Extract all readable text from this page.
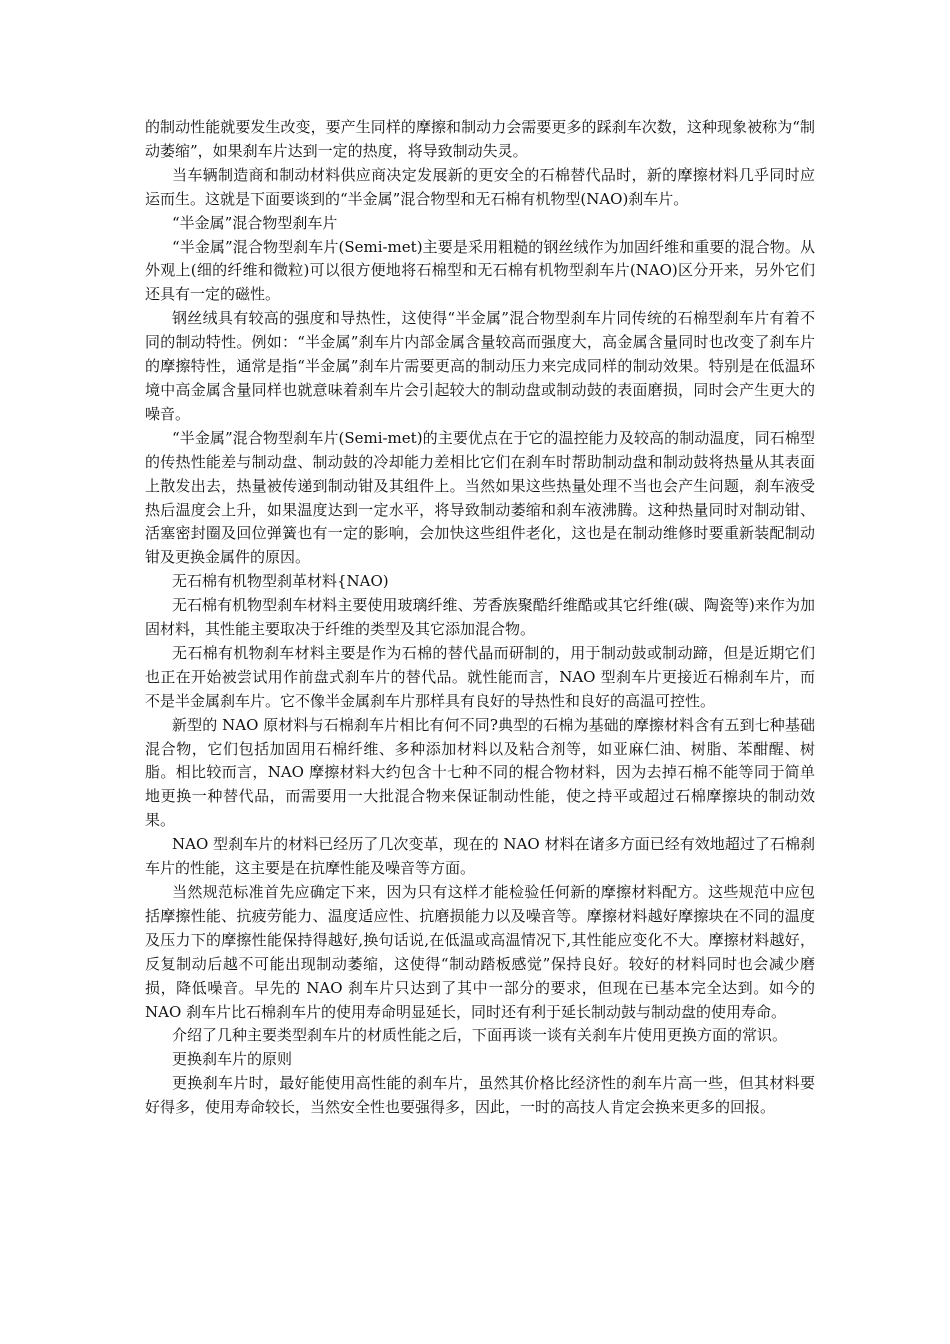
的制动性能就要发生改变，要产生同样的摩擦和制动力会需要更多的踩刹车次数，这种现象被称为“制动萎缩”，如果刹车片达到一定的热度，将导致制动失灵。

当车辆制造商和制动材料供应商决定发展新的更安全的石棉替代品时，新的摩擦材料几乎同时应运而生。这就是下面要谈到的“半金属”混合物型和无石棉有机物型(NAO)刹车片。

“半金属”混合物型刹车片

“半金属”混合物型刹车片(Semi-met)主要是采用粗糙的钢丝绒作为加固纤维和重要的混合物。从外观上(细的纤维和微粒)可以很方便地将石棉型和无石棉有机物型刹车片(NAO)区分开来，另外它们还具有一定的磁性。

钢丝绒具有较高的强度和导热性，这使得“半金属”混合物型刹车片同传统的石棉型刹车片有着不同的制动特性。例如：“半金属”刹车片内部金属含量较高而强度大，高金属含量同时也改变了刹车片的摩擦特性，通常是指“半金属”刹车片需要更高的制动压力来完成同样的制动效果。特别是在低温环境中高金属含量同样也就意味着刹车片会引起较大的制动盘或制动鼓的表面磨损，同时会产生更大的噪音。

“半金属”混合物型刹车片(Semi-met)的主要优点在于它的温控能力及较高的制动温度，同石棉型的传热性能差与制动盘、制动鼓的冷却能力差相比它们在刹车时帮助制动盘和制动鼓将热量从其表面上散发出去，热量被传递到制动钳及其组件上。当然如果这些热量处理不当也会产生问题，刹车液受热后温度会上升，如果温度达到一定水平，将导致制动萎缩和刹车液沸腾。这种热量同时对制动钳、活塞密封圈及回位弹簧也有一定的影响，会加快这些组件老化，这也是在制动维修时要重新装配制动钳及更换金属件的原因。

无石棉有机物型刹革材料{NAO)

无石棉有机物型刹车材料主要使用玻璃纤维、芳香族聚酷纤维酷或其它纤维(碳、陶瓷等)来作为加固材料，其性能主要取决于纤维的类型及其它添加混合物。

无石棉有机物刹车材料主要是作为石棉的替代晶而研制的，用于制动鼓或制动蹄，但是近期它们也正在开始被尝试用作前盘式刹车片的替代品。就性能而言，NAO 型刹车片更接近石棉刹车片，而不是半金属刹车片。它不像半金属刹车片那样具有良好的导热性和良好的高温可控性。

新型的 NAO 原材料与石棉刹车片相比有何不同?典型的石棉为基础的摩擦材料含有五到七种基础混合物，它们包括加固用石棉纤维、多种添加材料以及粘合剂等，如亚麻仁油、树脂、苯酣醒、树脂。相比较而言，NAO 摩擦材料大约包含十七种不同的棍合物材料，因为去掉石棉不能等同于简单地更换一种替代品，而需要用一大批混合物来保证制动性能，使之持平或超过石棉摩擦块的制动效果。

NAO 型刹车片的材料已经历了几次变革，现在的 NAO 材料在诸多方面已经有效地超过了石棉刹车片的性能，这主要是在抗摩性能及噪音等方面。

当然规范标准首先应确定下来，因为只有这样才能检验任何新的摩擦材料配方。这些规范中应包括摩擦性能、抗疲劳能力、温度适应性、抗磨损能力以及噪音等。摩擦材料越好摩擦块在不同的温度及压力下的摩擦性能保持得越好,换句话说,在低温或高温情况下,其性能应变化不大。摩擦材料越好，反复制动后越不可能出现制动萎缩，这使得“制动踏板感觉”保持良好。较好的材料同时也会减少磨损，降低噪音。早先的 NAO 刹车片只达到了其中一部分的要求，但现在已基本完全达到。如今的 NAO 刹车片比石棉刹车片的使用寿命明显延长，同时还有利于延长制动鼓与制动盘的使用寿命。

介绍了几种主要类型刹车片的材质性能之后，下面再谈一谈有关刹车片使用更换方面的常识。

更换刹车片的原则

更换刹车片时，最好能使用高性能的刹车片，虽然其价格比经济性的刹车片高一些，但其材料要好得多，使用寿命较长，当然安全性也要强得多，因此，一时的高技人肯定会换来更多的回报。
